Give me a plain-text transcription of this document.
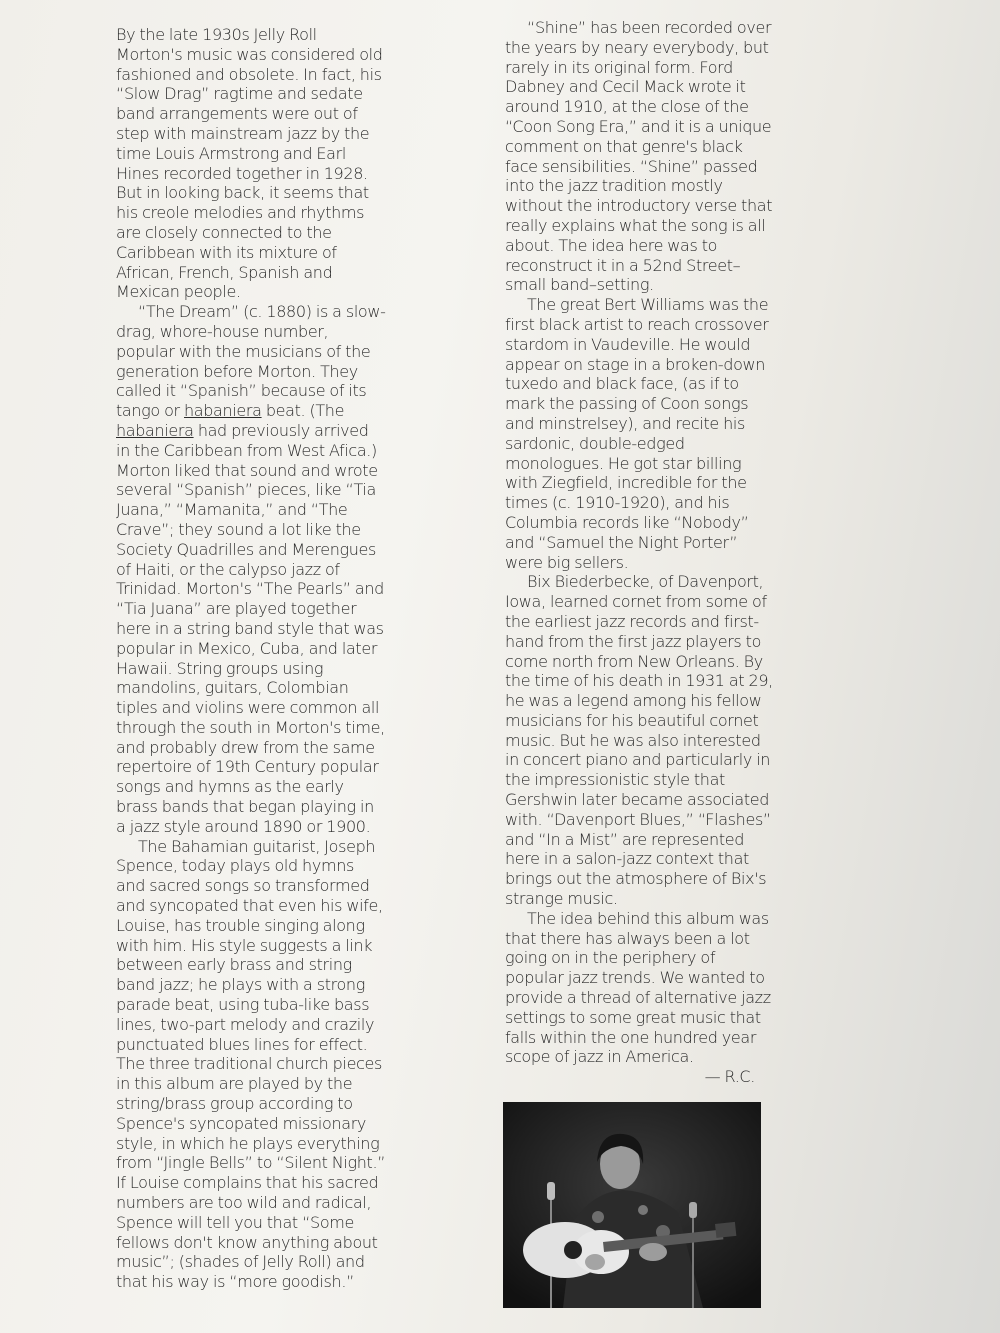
By the late 1930s Jelly Roll Morton's music was considered old fashioned and obsolete. In fact, his “Slow Drag” ragtime and sedate band arrangements were out of step with mainstream jazz by the time Louis Armstrong and Earl Hines recorded together in 1928. But in looking back, it seems that his creole melodies and rhythms are closely connected to the Caribbean with its mixture of African, French, Spanish and Mexican people.

“The Dream” (c. 1880) is a slow-drag, whore-house number, popular with the musicians of the generation before Morton. They called it “Spanish” because of its tango or habaniera beat. (The habaniera had previously arrived in the Caribbean from West Afica.) Morton liked that sound and wrote several “Spanish” pieces, like “Tia Juana,” “Mamanita,” and “The Crave”; they sound a lot like the Society Quadrilles and Merengues of Haiti, or the calypso jazz of Trinidad. Morton's “The Pearls” and “Tia Juana” are played together here in a string band style that was popular in Mexico, Cuba, and later Hawaii. String groups using mandolins, guitars, Colombian tiples and violins were common all through the south in Morton's time, and probably drew from the same repertoire of 19th Century popular songs and hymns as the early brass bands that began playing in a jazz style around 1890 or 1900.

The Bahamian guitarist, Joseph Spence, today plays old hymns and sacred songs so transformed and syncopated that even his wife, Louise, has trouble singing along with him. His style suggests a link between early brass and string band jazz; he plays with a strong parade beat, using tuba-like bass lines, two-part melody and crazily punctuated blues lines for effect. The three traditional church pieces in this album are played by the string/brass group according to Spence's syncopated missionary style, in which he plays everything from “Jingle Bells” to “Silent Night.” If Louise complains that his sacred numbers are too wild and radical, Spence will tell you that “Some fellows don't know anything about music”; (shades of Jelly Roll) and that his way is “more goodish.”

“Shine” has been recorded over the years by neary everybody, but rarely in its original form. Ford Dabney and Cecil Mack wrote it around 1910, at the close of the “Coon Song Era,” and it is a unique comment on that genre's black face sensibilities. “Shine” passed into the jazz tradition mostly without the introductory verse that really explains what the song is all about. The idea here was to reconstruct it in a 52nd Street–small band–setting.

The great Bert Williams was the first black artist to reach crossover stardom in Vaudeville. He would appear on stage in a broken-down tuxedo and black face, (as if to mark the passing of Coon songs and minstrelsey), and recite his sardonic, double-edged monologues. He got star billing with Ziegfield, incredible for the times (c. 1910-1920), and his Columbia records like “Nobody” and “Samuel the Night Porter” were big sellers.

Bix Biederbecke, of Davenport, Iowa, learned cornet from some of the earliest jazz records and first-hand from the first jazz players to come north from New Orleans. By the time of his death in 1931 at 29, he was a legend among his fellow musicians for his beautiful cornet music. But he was also interested in concert piano and particularly in the impressionistic style that Gershwin later became associated with. “Davenport Blues,” “Flashes” and “In a Mist” are represented here in a salon-jazz context that brings out the atmosphere of Bix's strange music.

The idea behind this album was that there has always been a lot going on in the periphery of popular jazz trends. We wanted to provide a thread of alternative jazz settings to some great music that falls within the one hundred year scope of jazz in America.

— R.C.
